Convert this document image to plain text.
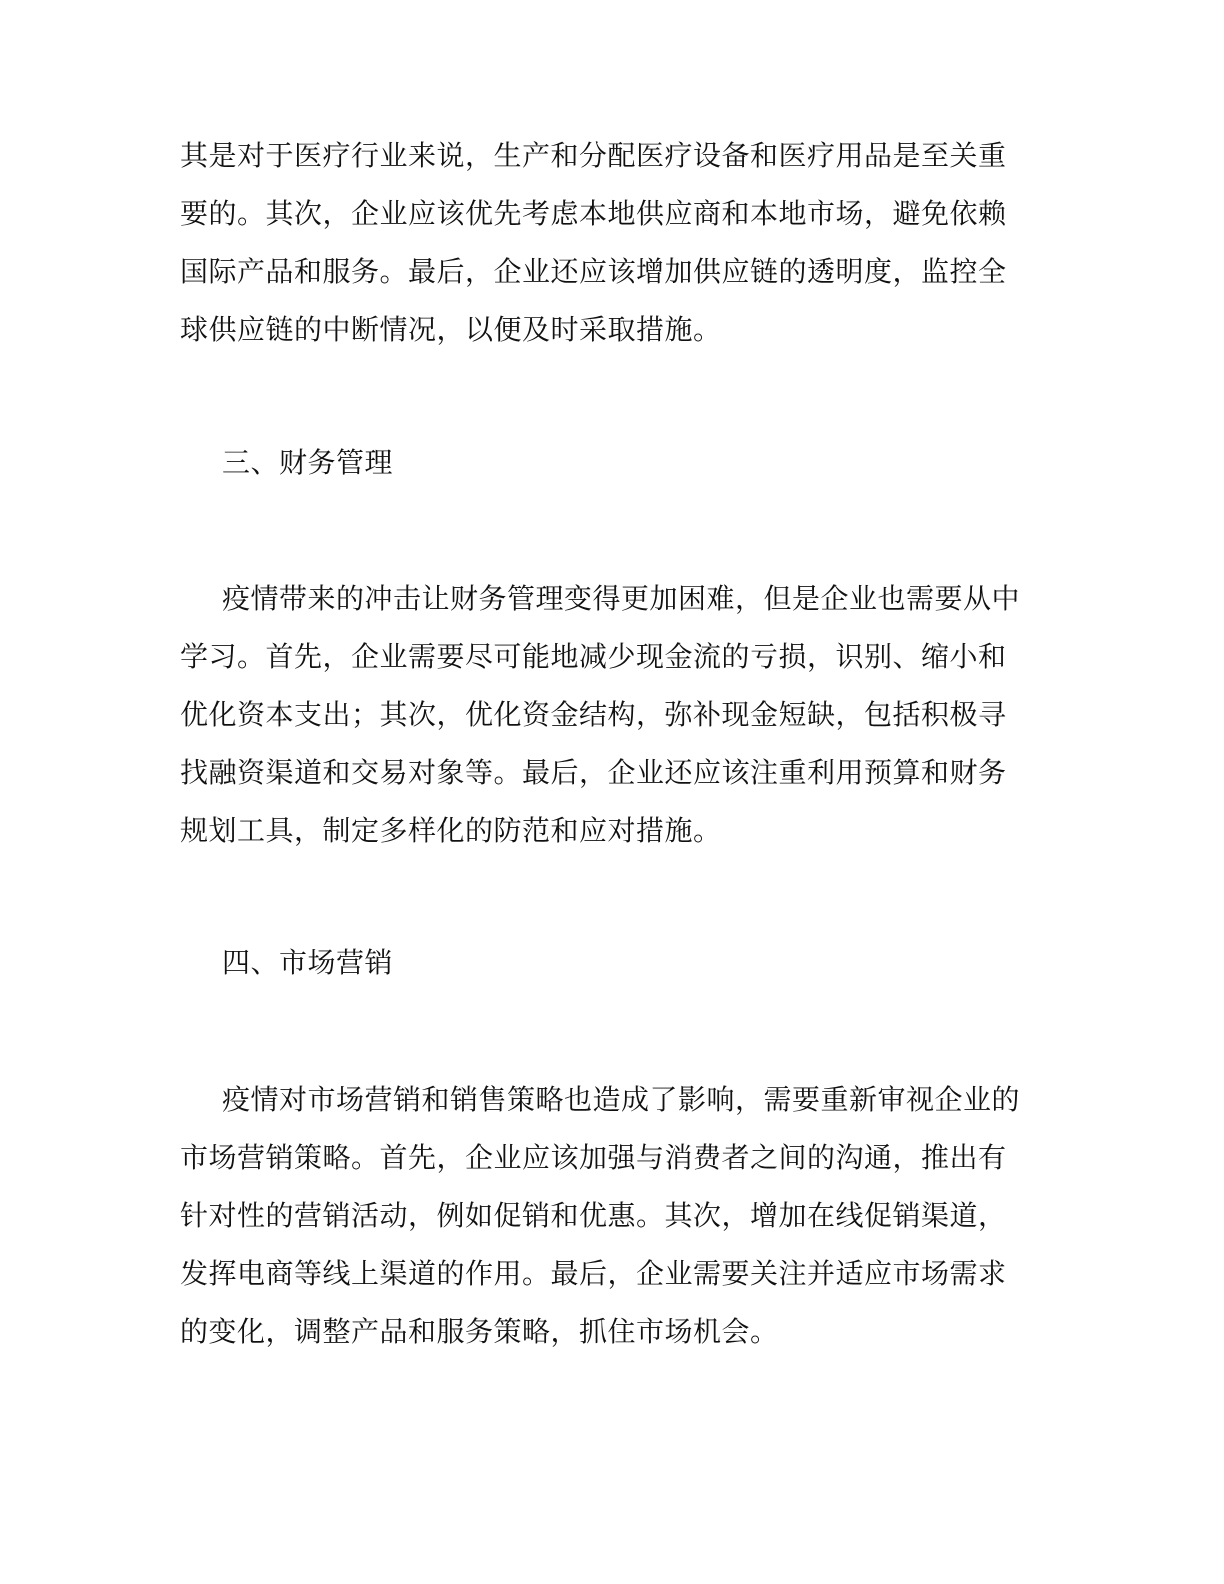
其是对于医疗行业来说，生产和分配医疗设备和医疗用品是至关重要的。其次，企业应该优先考虑本地供应商和本地市场，避免依赖国际产品和服务。最后，企业还应该增加供应链的透明度，监控全球供应链的中断情况，以便及时采取措施。

三、财务管理

疫情带来的冲击让财务管理变得更加困难，但是企业也需要从中学习。首先，企业需要尽可能地减少现金流的亏损，识别、缩小和优化资本支出；其次，优化资金结构，弥补现金短缺，包括积极寻找融资渠道和交易对象等。最后，企业还应该注重利用预算和财务规划工具，制定多样化的防范和应对措施。

四、市场营销

疫情对市场营销和销售策略也造成了影响，需要重新审视企业的市场营销策略。首先，企业应该加强与消费者之间的沟通，推出有针对性的营销活动，例如促销和优惠。其次，增加在线促销渠道，发挥电商等线上渠道的作用。最后，企业需要关注并适应市场需求的变化，调整产品和服务策略，抓住市场机会。
